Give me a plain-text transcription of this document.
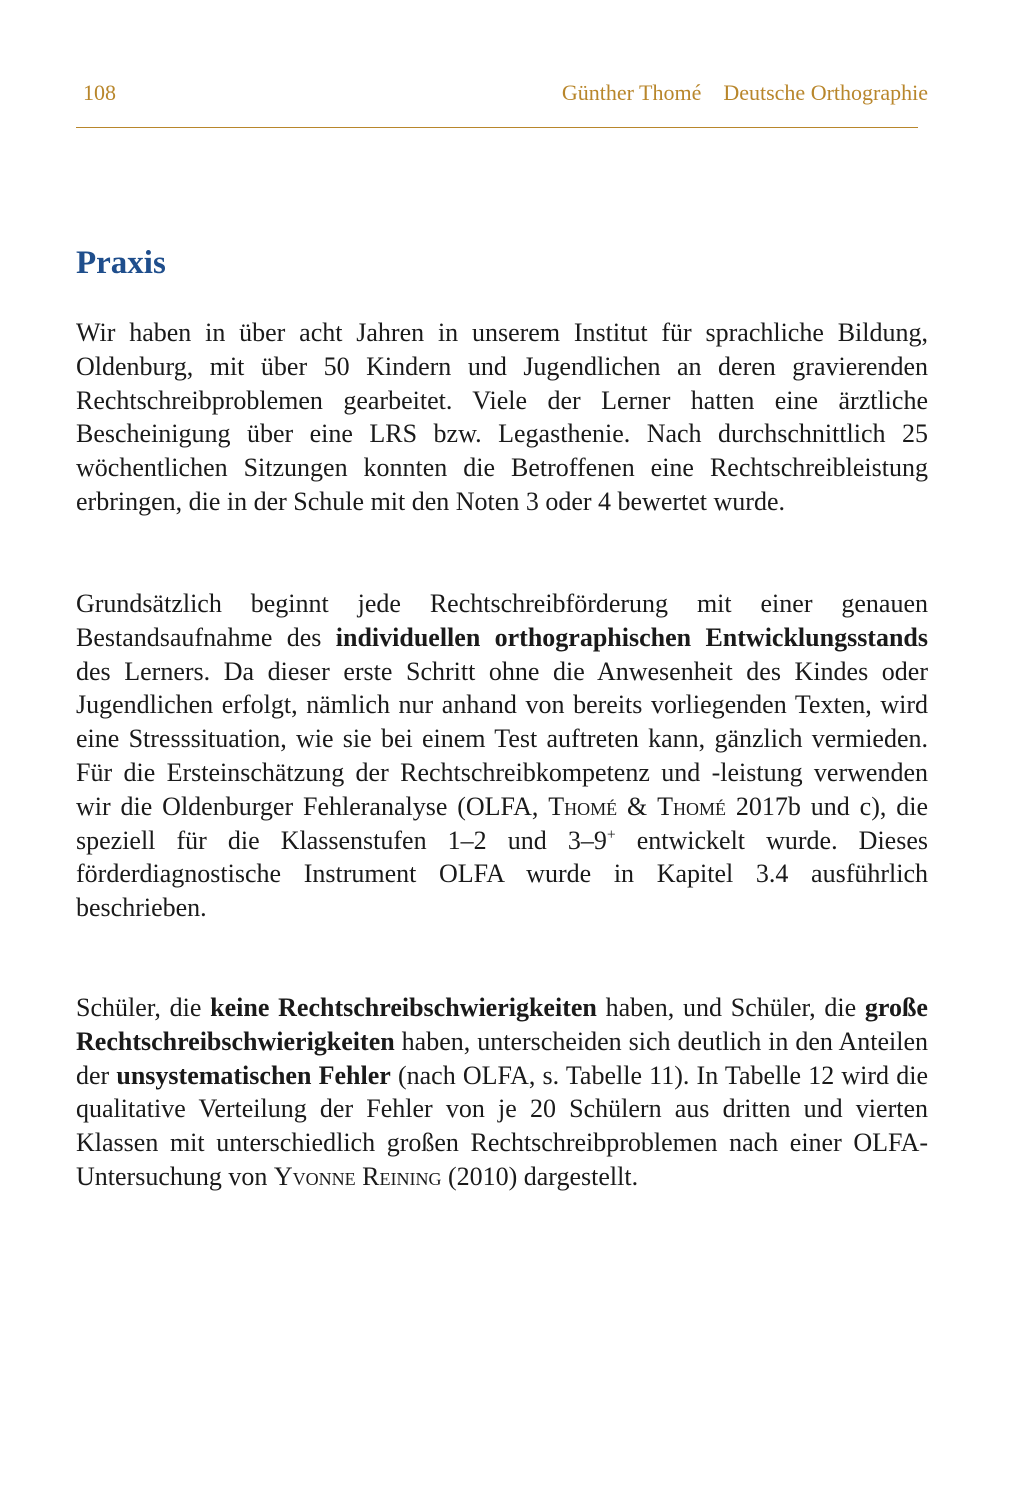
108	Günther Thomé Deutsche Orthographie
Praxis

Wir haben in über acht Jahren in unserem Institut für sprachliche Bildung, Oldenburg, mit über 50 Kindern und Jugendlichen an deren gravierenden Rechtschreibproblemen gearbeitet. Viele der Lerner hatten eine ärztliche Bescheinigung über eine LRS bzw. Legasthenie. Nach durchschnittlich 25 wöchentlichen Sitzungen konnten die Betroffenen eine Rechtschreibleistung erbringen, die in der Schule mit den Noten 3 oder 4 bewertet wurde.

Grundsätzlich beginnt jede Rechtschreibförderung mit einer genauen Bestandsaufnahme des individuellen orthographischen Entwicklungsstands des Lerners. Da dieser erste Schritt ohne die Anwesenheit des Kindes oder Jugendlichen erfolgt, nämlich nur anhand von bereits vorliegenden Texten, wird eine Stresssituation, wie sie bei einem Test auftreten kann, gänzlich vermieden. Für die Ersteinschätzung der Rechtschreibkompetenz und -leistung verwenden wir die Oldenburger Fehleranalyse (OLFA, Thomé & Thomé 2017b und c), die speziell für die Klassenstufen 1–2 und 3–9+ entwickelt wurde. Dieses förderdiagnostische Instrument OLFA wurde in Kapitel 3.4 ausführlich beschrieben.

Schüler, die keine Rechtschreibschwierigkeiten haben, und Schüler, die große Rechtschreibschwierigkeiten haben, unterscheiden sich deutlich in den Anteilen der unsystematischen Fehler (nach OLFA, s. Tabelle 11). In Tabelle 12 wird die qualitative Verteilung der Fehler von je 20 Schülern aus dritten und vierten Klassen mit unterschiedlich großen Rechtschreibproblemen nach einer OLFA-Untersuchung von Yvonne Reining (2010) dargestellt.
